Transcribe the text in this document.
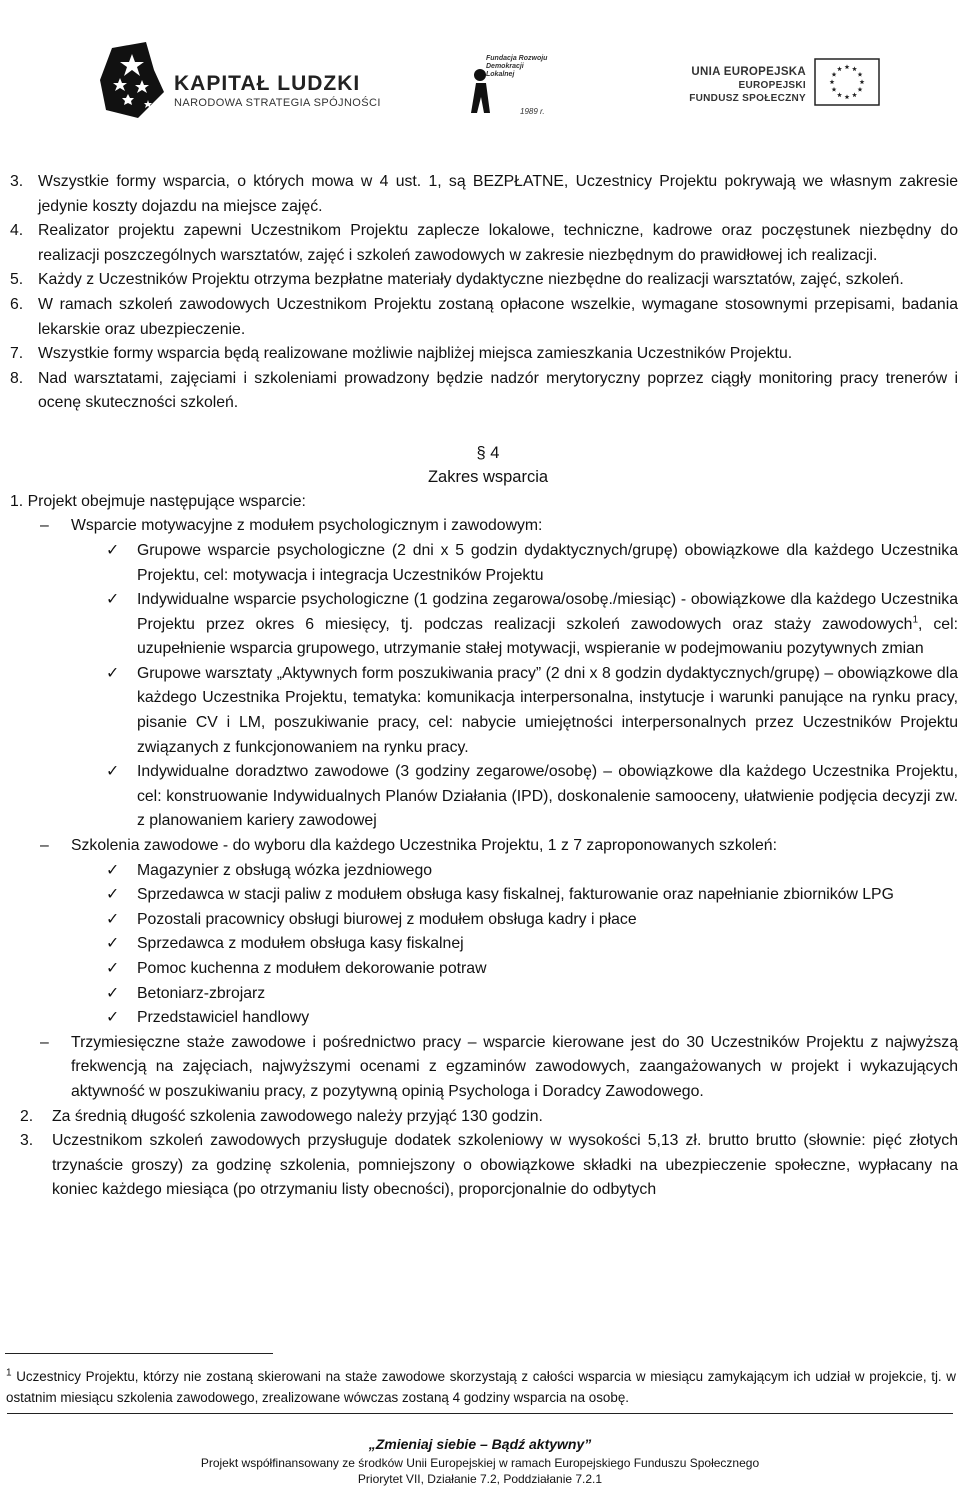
KAPITAŁ LUDZKI
NARODOWA STRATEGIA SPÓJNOŚCI
Fundacja Rozwoju
Demokracji Lokalnej
1989 r.
UNIA EUROPEJSKA
EUROPEJSKI
FUNDUSZ SPOŁECZNY
3. Wszystkie formy wsparcia, o których mowa w 4 ust. 1, są BEZPŁATNE, Uczestnicy Projektu pokrywają we własnym zakresie jedynie koszty dojazdu na miejsce zajęć.
4. Realizator projektu zapewni Uczestnikom Projektu zaplecze lokalowe, techniczne, kadrowe oraz poczęstunek niezbędny do realizacji poszczególnych warsztatów, zajęć i szkoleń zawodowych w zakresie niezbędnym do prawidłowej ich realizacji.
5. Każdy z Uczestników Projektu otrzyma bezpłatne materiały dydaktyczne niezbędne do realizacji warsztatów, zajęć, szkoleń.
6. W ramach szkoleń zawodowych Uczestnikom Projektu zostaną opłacone wszelkie, wymagane stosownymi przepisami, badania lekarskie oraz ubezpieczenie.
7. Wszystkie formy wsparcia będą realizowane możliwie najbliżej miejsca zamieszkania Uczestników Projektu.
8. Nad warsztatami, zajęciami i szkoleniami prowadzony będzie nadzór merytoryczny poprzez ciągły monitoring pracy trenerów i ocenę skuteczności szkoleń.
§ 4
Zakres wsparcia
1. Projekt obejmuje następujące wsparcie:
– Wsparcie motywacyjne z modułem psychologicznym i zawodowym:
✓ Grupowe wsparcie psychologiczne (2 dni x 5 godzin dydaktycznych/grupę) obowiązkowe dla każdego Uczestnika Projektu, cel: motywacja i integracja Uczestników Projektu
✓ Indywidualne wsparcie psychologiczne (1 godzina zegarowa/osobę./miesiąc) - obowiązkowe dla każdego Uczestnika Projektu przez okres 6 miesięcy, tj. podczas realizacji szkoleń zawodowych oraz staży zawodowych$^1$, cel: uzupełnienie wsparcia grupowego, utrzymanie stałej motywacji, wspieranie w podejmowaniu pozytywnych zmian
✓ Grupowe warsztaty „Aktywnych form poszukiwania pracy” (2 dni x 8 godzin dydaktycznych/grupę) – obowiązkowe dla każdego Uczestnika Projektu, tematyka: komunikacja interpersonalna, instytucje i warunki panujące na rynku pracy, pisanie CV i LM, poszukiwanie pracy, cel: nabycie umiejętności interpersonalnych przez Uczestników Projektu związanych z funkcjonowaniem na rynku pracy.
✓ Indywidualne doradztwo zawodowe (3 godziny zegarowe/osobę) – obowiązkowe dla każdego Uczestnika Projektu, cel: konstruowanie Indywidualnych Planów Działania (IPD), doskonalenie samooceny, ułatwienie podjęcia decyzji zw. z planowaniem kariery zawodowej
– Szkolenia zawodowe - do wyboru dla każdego Uczestnika Projektu, 1 z 7 zaproponowanych szkoleń:
✓ Magazynier z obsługą wózka jezdniowego
✓ Sprzedawca w stacji paliw z modułem obsługa kasy fiskalnej, fakturowanie oraz napełnianie zbiorników LPG
✓ Pozostali pracownicy obsługi biurowej z modułem obsługa kadry i płace
✓ Sprzedawca z modułem obsługa kasy fiskalnej
✓ Pomoc kuchenna z modułem dekorowanie potraw
✓ Betoniarz-zbrojarz
✓ Przedstawiciel handlowy
– Trzymiesięczne staże zawodowe i pośrednictwo pracy – wsparcie kierowane jest do 30 Uczestników Projektu z najwyższą frekwencją na zajęciach, najwyższymi ocenami z egzaminów zawodowych, zaangażowanych w projekt i wykazujących aktywność w poszukiwaniu pracy, z pozytywną opinią Psychologa i Doradcy Zawodowego.
2. Za średnią długość szkolenia zawodowego należy przyjąć 130 godzin.
3. Uczestnikom szkoleń zawodowych przysługuje dodatek szkoleniowy w wysokości 5,13 zł. brutto brutto (słownie: pięć złotych trzynaście groszy) za godzinę szkolenia, pomniejszony o obowiązkowe składki na ubezpieczenie społeczne, wypłacany na koniec każdego miesiąca (po otrzymaniu listy obecności), proporcjonalnie do odbytych
$^1$ Uczestnicy Projektu, którzy nie zostaną skierowani na staże zawodowe skorzystają z całości wsparcia w miesiącu zamykającym ich udział w projekcie, tj. w ostatnim miesiącu szkolenia zawodowego, zrealizowane wówczas zostaną 4 godziny wsparcia na osobę.
„Zmieniaj siebie – Bądź aktywny”
Projekt współfinansowany ze środków Unii Europejskiej w ramach Europejskiego Funduszu Społecznego
Priorytet VII, Działanie 7.2, Poddziałanie 7.2.1
